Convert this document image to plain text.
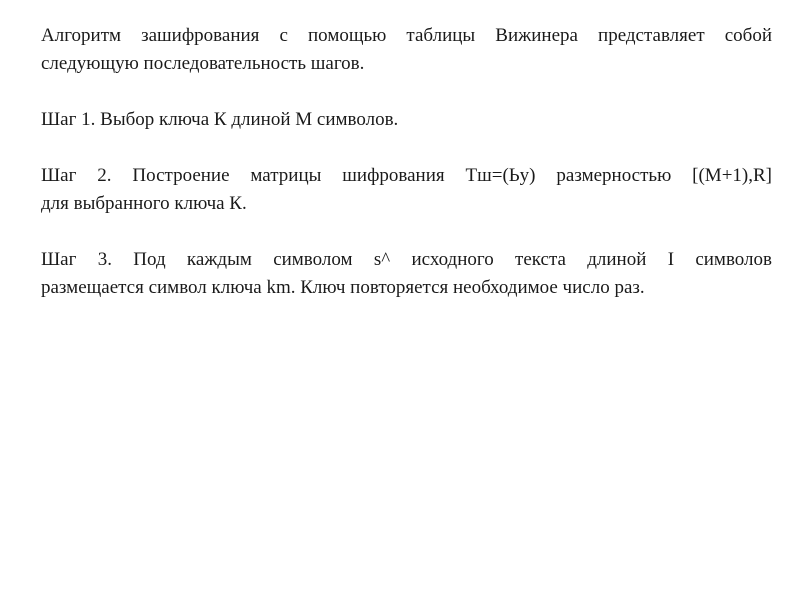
Алгоритм зашифрования с помощью таблицы Вижинера представляет собой
следующую последовательность шагов.

Шаг 1. Выбор ключа К длиной М символов.

Шаг 2. Построение матрицы шифрования Тш=(Ьу) размерностью [(М+1),R]
для выбранного ключа К.

Шаг 3. Под каждым символом s^ исходного текста длиной I символов
размещается символ ключа km. Ключ повторяется необходимое число раз.
